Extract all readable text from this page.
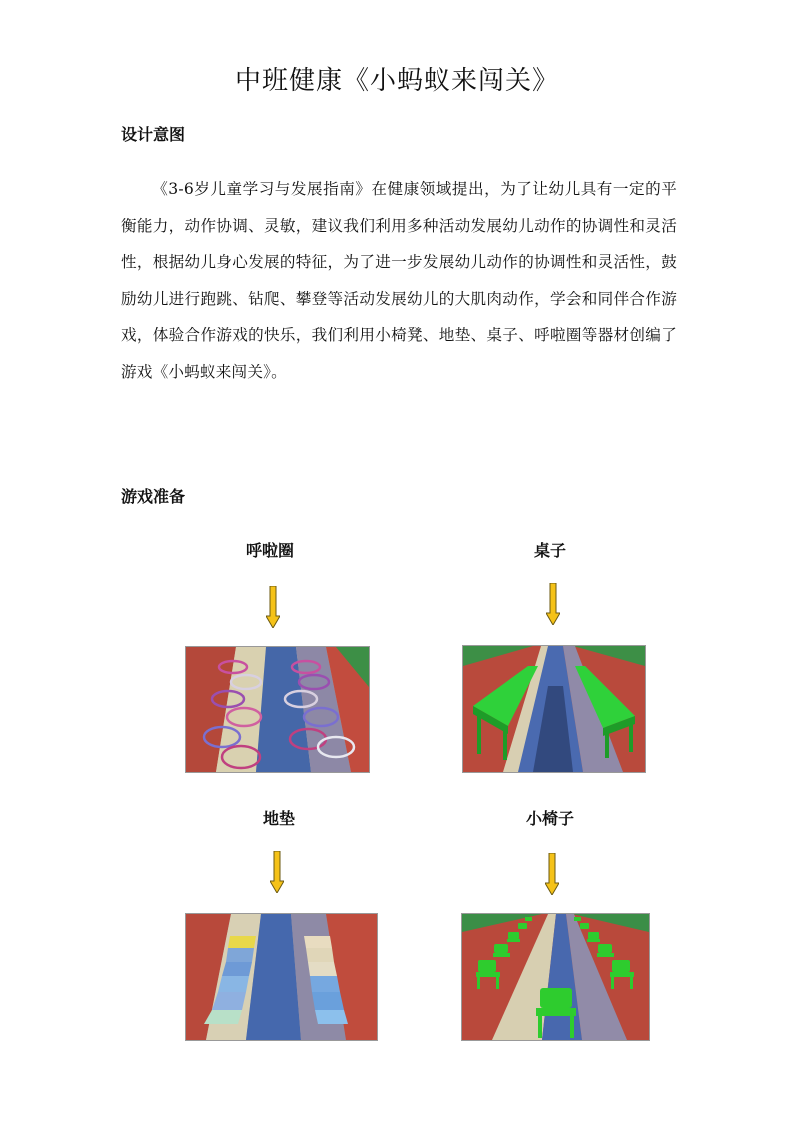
中班健康《小蚂蚁来闯关》
设计意图
《3-6岁儿童学习与发展指南》在健康领域提出，为了让幼儿具有一定的平衡能力，动作协调、灵敏，建议我们利用多种活动发展幼儿动作的协调性和灵活性，根据幼儿身心发展的特征，为了进一步发展幼儿动作的协调性和灵活性，鼓励幼儿进行跑跳、钻爬、攀登等活动发展幼儿的大肌肉动作，学会和同伴合作游戏，体验合作游戏的快乐，我们利用小椅凳、地垫、桌子、呼啦圈等器材创编了游戏《小蚂蚁来闯关》。
游戏准备
呼啦圈	桌子
地垫	小椅子
